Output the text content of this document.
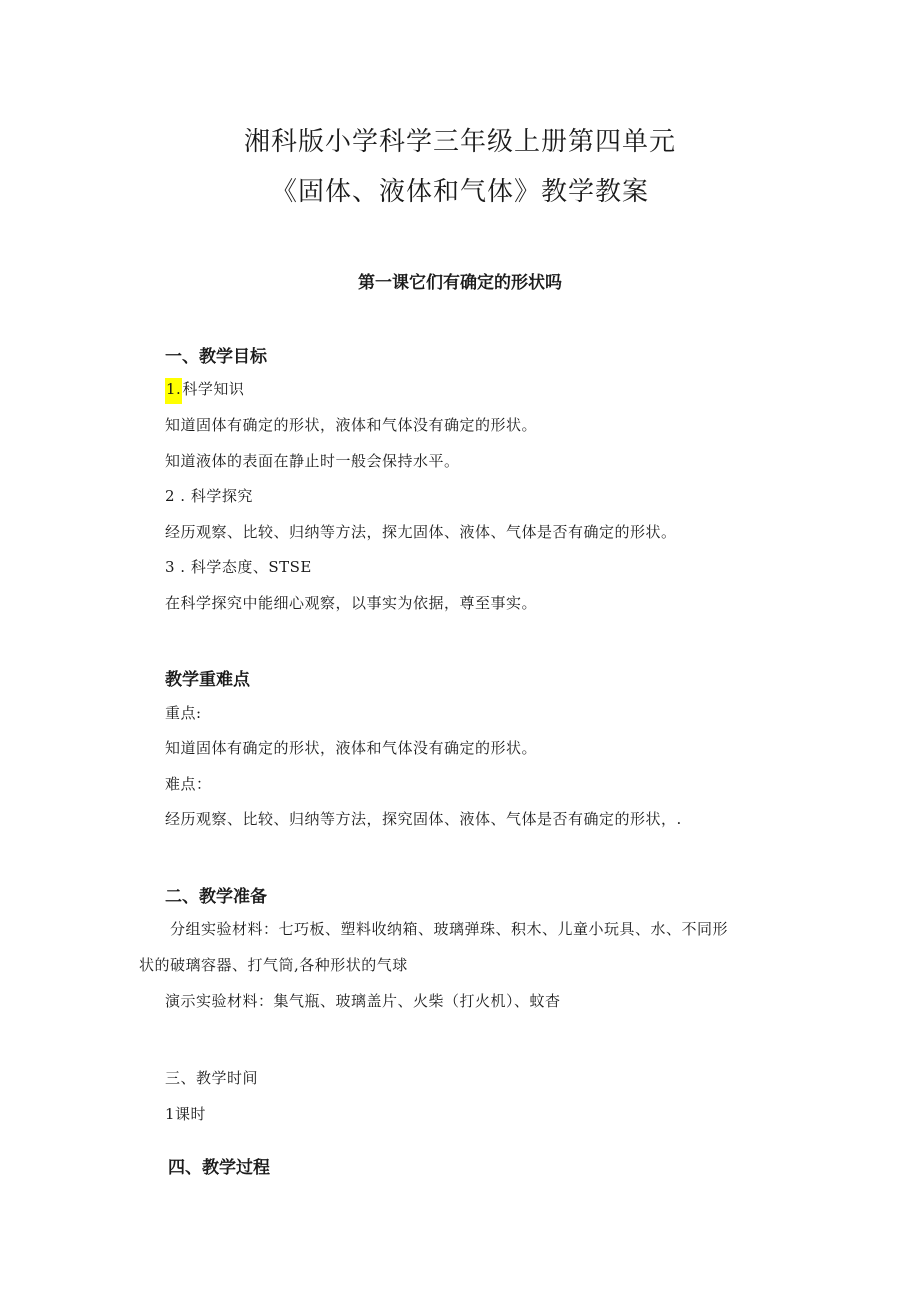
湘科版小学科学三年级上册第四单元
《固体、液体和气体》教学教案
第一课它们有确定的形状吗
一、教学目标
1.科学知识
知道固体有确定的形状，液体和气体没有确定的形状。
知道液体的表面在静止时一般会保持水平。
2 . 科学探究
经历观察、比较、归纳等方法，探尢固体、液体、气体是否有确定的形状。
3 . 科学态度、STSE
在科学探究中能细心观察，以事实为依据，尊至事实。
教学重难点
重点:
知道固体有确定的形状，液体和气体没有确定的形状。
难点：
经历观察、比较、归纳等方法，探究固体、液体、气体是否有确定的形状，.
二、教学准备
分组实验材料：七巧板、塑料收纳箱、玻璃弹珠、积木、儿童小玩具、水、不同形
状的破璃容器、打气筒,各种形状的气球
演示实验材料：集气瓶、玻璃盖片、火柴（打火机）、蚊杳
三、教学时间
1课时
四、教学过程
